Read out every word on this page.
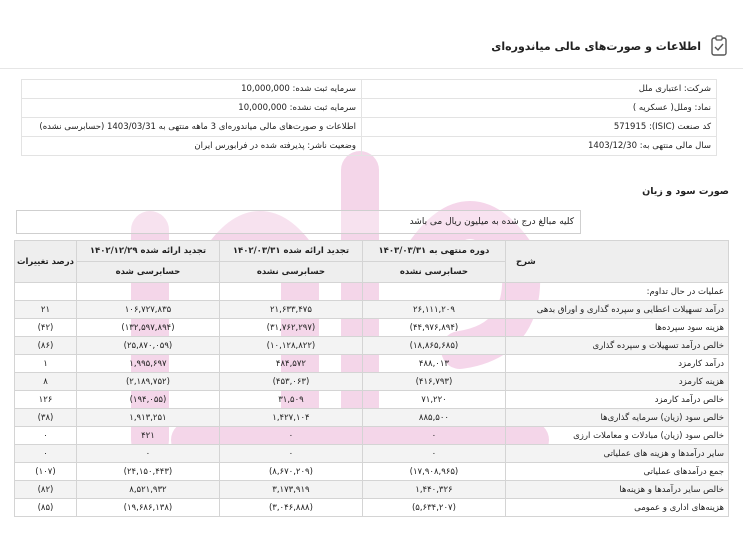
اطلاعات و صورت‌های مالی میاندوره‌ای
شرکت: اعتباری ملل	سرمایه ثبت شده: 10,000,000
نماد: وملل( عسکریه )	سرمایه ثبت نشده: 10,000,000
کد صنعت (ISIC): 571915	اطلاعات و صورت‌های مالی میاندوره‌ای 3 ماهه منتهی به 1403/03/31 (حسابرسی نشده)
سال مالی منتهی به: 1403/12/30	وضعیت ناشر: پذیرفته شده در فرابورس ایران
صورت سود و زیان
کلیه مبالغ درج شده به میلیون ریال می باشد
شرح	دوره منتهی به ۱۴۰۳/۰۳/۳۱	تجدید ارائه شده ۱۴۰۲/۰۳/۳۱	تجدید ارائه شده ۱۴۰۲/۱۲/۲۹	درصد تغییرات
	حسابرسی نشده	حسابرسی نشده	حسابرسی شده	
عملیات در حال تداوم:				
درآمد تسهیلات اعطایی و سپرده گذاری و اوراق بدهی	۲۶,۱۱۱,۲۰۹	۲۱,۶۳۳,۴۷۵	۱۰۶,۷۲۷,۸۳۵	۲۱
هزینه سود سپرده‌ها	(۴۴,۹۷۶,۸۹۴)	(۳۱,۷۶۲,۲۹۷)	(۱۳۲,۵۹۷,۸۹۴)	(۴۲)
خالص درآمد تسهیلات و سپرده گذاری	(۱۸,۸۶۵,۶۸۵)	(۱۰,۱۲۸,۸۲۲)	(۲۵,۸۷۰,۰۵۹)	(۸۶)
درآمد کارمزد	۴۸۸,۰۱۳	۴۸۴,۵۷۲	۱,۹۹۵,۶۹۷	۱
هزینه کارمزد	(۴۱۶,۷۹۳)	(۴۵۳,۰۶۳)	(۲,۱۸۹,۷۵۲)	۸
خالص درآمد کارمزد	۷۱,۲۲۰	۳۱,۵۰۹	(۱۹۴,۰۵۵)	۱۲۶
خالص سود (زیان) سرمایه گذاری‌ها	۸۸۵,۵۰۰	۱,۴۲۷,۱۰۴	۱,۹۱۳,۲۵۱	(۳۸)
خالص سود (زیان) مبادلات و معاملات ارزی	۰	۰	۴۲۱	۰
سایر درآمدها و هزینه های عملیاتی	۰	۰	۰	۰
جمع درآمدهای عملیاتی	(۱۷,۹۰۸,۹۶۵)	(۸,۶۷۰,۲۰۹)	(۲۴,۱۵۰,۴۴۳)	(۱۰۷)
خالص سایر درآمدها و هزینه‌ها	۱,۴۴۰,۳۲۶	۳,۱۷۳,۹۱۹	۸,۵۲۱,۹۳۲	(۸۲)
هزینه‌های اداری و عمومی	(۵,۶۳۴,۲۰۷)	(۳,۰۴۶,۸۸۸)	(۱۹,۶۸۶,۱۳۸)	(۸۵)
